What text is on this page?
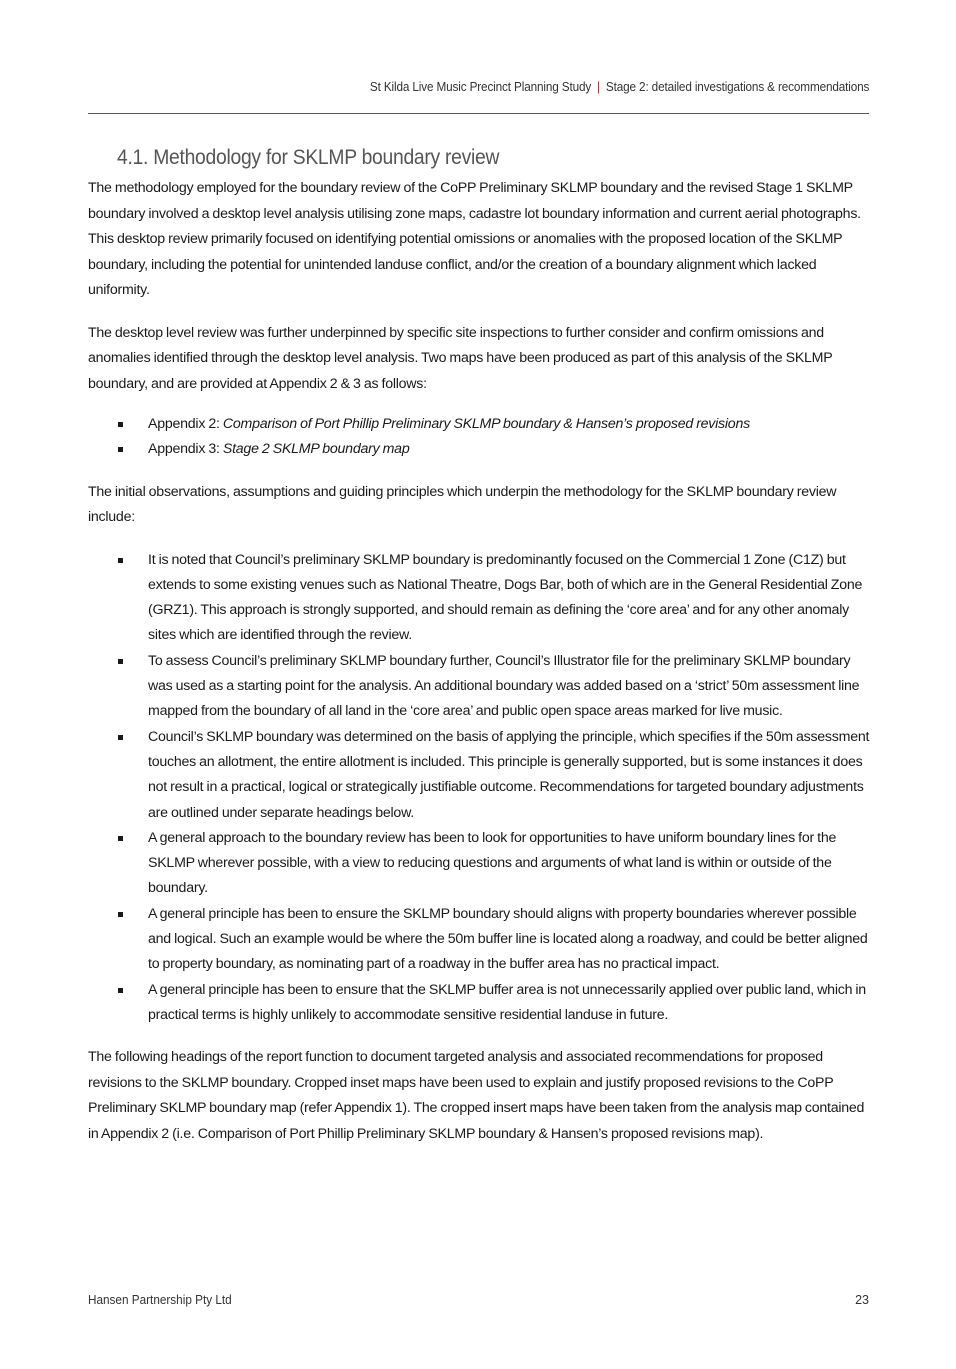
St Kilda Live Music Precinct Planning Study | Stage 2: detailed investigations & recommendations
4.1. Methodology for SKLMP boundary review

The methodology employed for the boundary review of the CoPP Preliminary SKLMP boundary and the revised Stage 1 SKLMP boundary involved a desktop level analysis utilising zone maps, cadastre lot boundary information and current aerial photographs. This desktop review primarily focused on identifying potential omissions or anomalies with the proposed location of the SKLMP boundary, including the potential for unintended landuse conflict, and/or the creation of a boundary alignment which lacked uniformity.

The desktop level review was further underpinned by specific site inspections to further consider and confirm omissions and anomalies identified through the desktop level analysis. Two maps have been produced as part of this analysis of the SKLMP boundary, and are provided at Appendix 2 & 3 as follows:

Appendix 2: Comparison of Port Phillip Preliminary SKLMP boundary & Hansen’s proposed revisions
Appendix 3: Stage 2 SKLMP boundary map

The initial observations, assumptions and guiding principles which underpin the methodology for the SKLMP boundary review include:

It is noted that Council’s preliminary SKLMP boundary is predominantly focused on the Commercial 1 Zone (C1Z) but extends to some existing venues such as National Theatre, Dogs Bar, both of which are in the General Residential Zone (GRZ1). This approach is strongly supported, and should remain as defining the ‘core area’ and for any other anomaly sites which are identified through the review.
To assess Council’s preliminary SKLMP boundary further, Council’s Illustrator file for the preliminary SKLMP boundary was used as a starting point for the analysis. An additional boundary was added based on a ‘strict’ 50m assessment line mapped from the boundary of all land in the ‘core area’ and public open space areas marked for live music.
Council’s SKLMP boundary was determined on the basis of applying the principle, which specifies if the 50m assessment touches an allotment, the entire allotment is included. This principle is generally supported, but is some instances it does not result in a practical, logical or strategically justifiable outcome. Recommendations for targeted boundary adjustments are outlined under separate headings below.
A general approach to the boundary review has been to look for opportunities to have uniform boundary lines for the SKLMP wherever possible, with a view to reducing questions and arguments of what land is within or outside of the boundary.
A general principle has been to ensure the SKLMP boundary should aligns with property boundaries wherever possible and logical. Such an example would be where the 50m buffer line is located along a roadway, and could be better aligned to property boundary, as nominating part of a roadway in the buffer area has no practical impact.
A general principle has been to ensure that the SKLMP buffer area is not unnecessarily applied over public land, which in practical terms is highly unlikely to accommodate sensitive residential landuse in future.

The following headings of the report function to document targeted analysis and associated recommendations for proposed revisions to the SKLMP boundary. Cropped inset maps have been used to explain and justify proposed revisions to the CoPP Preliminary SKLMP boundary map (refer Appendix 1). The cropped insert maps have been taken from the analysis map contained in Appendix 2 (i.e. Comparison of Port Phillip Preliminary SKLMP boundary & Hansen’s proposed revisions map).

Hansen Partnership Pty Ltd	23
